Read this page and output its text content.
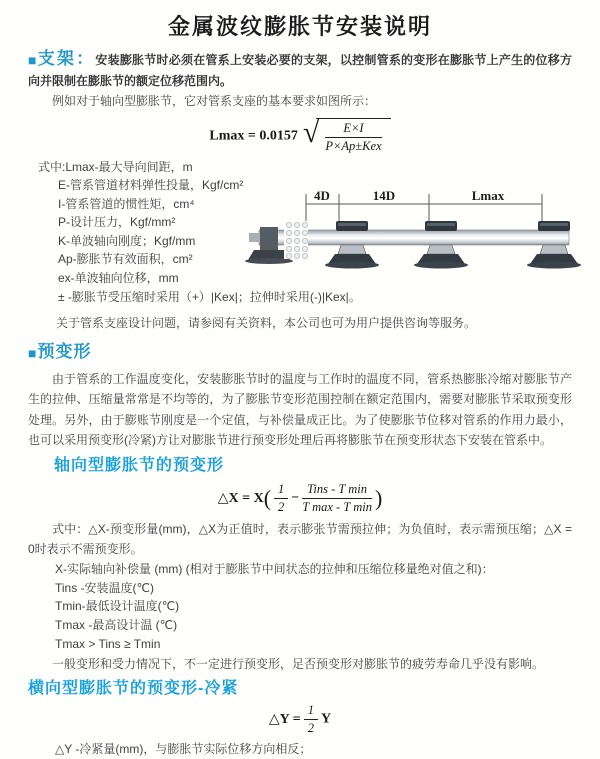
金属波纹膨胀节安装说明

■支架：安装膨胀节时必须在管系上安装必要的支架，以控制管系的变形在膨胀节上产生的位移方向并限制在膨胀节的额定位移范围内。

例如对于轴向型膨胀节，它对管系支座的基本要求如图所示：

Lmax = 0.0157 √ $\frac{E\times I}{\text{P×Ap±Kex}}$
式中:Lmax-最大导向间距，m
E-管系管道材料弹性投量，Kgf/cm²
I-管系管道的惯性矩，cm⁴
P-设计压力，Kgf/mm²
K-单波轴向刚度；Kgf/mm
Ap-膨胀节有效面积，cm²
ex-单波轴向位移，mm
± -膨胀节受压缩时采用（+）|Kex|；拉伸时采用(-)|Kex|。
4D	14D	Lmax

关于管系支座设计问题，请参阅有关资料，本公司也可为用户提供咨询等服务。

■预变形

由于管系的工作温度变化，安装膨胀节时的温度与工作时的温度不同，管系热膨胀冷缩对膨胀节产生的拉伸、压缩量常常是不均等的，为了膨胀节变形范围控制在额定范围内，需要对膨胀节采取预变形处理。另外，由于膨账节刚度是一个定值，与补偿量成正比。为了使膨胀节位移对管系的作用力最小，也可以采用预变形(冷紧)方让对膨胀节进行预变形处理后再将膨胀节在预变形状态下安装在管系中。

轴向型膨胀节的预变形
△X = $X( \frac{1}{2} - \frac{\text{Tins - T min}}{\text{T max - T min}}$ )

式中：△X-预变形量(mm)，△X为正值时，表示膨张节需预拉伸；为负值时，表示需预压缩；△X = 0时表示不需预变形。

X-实际轴向补偿量 (mm) (相对于膨胀节中间状态的拉伸和压缩位移量绝对值之和)：
Tins -安装温度(℃)
Tmin-最低设计温度(℃)
Tmax -最高设计温 (℃)
Tmax > Tins ≥ Tmin

一般变形和受力情况下，不一定进行预变形，足否预变形对膨胀节的疲劳寿命几乎没有影响。

横向型膨胀节的预变形-冷紧
△Y = $\frac{1}{2}$ Y
△Y -冷紧量(mm)，与膨胀节实际位移方向相反；
